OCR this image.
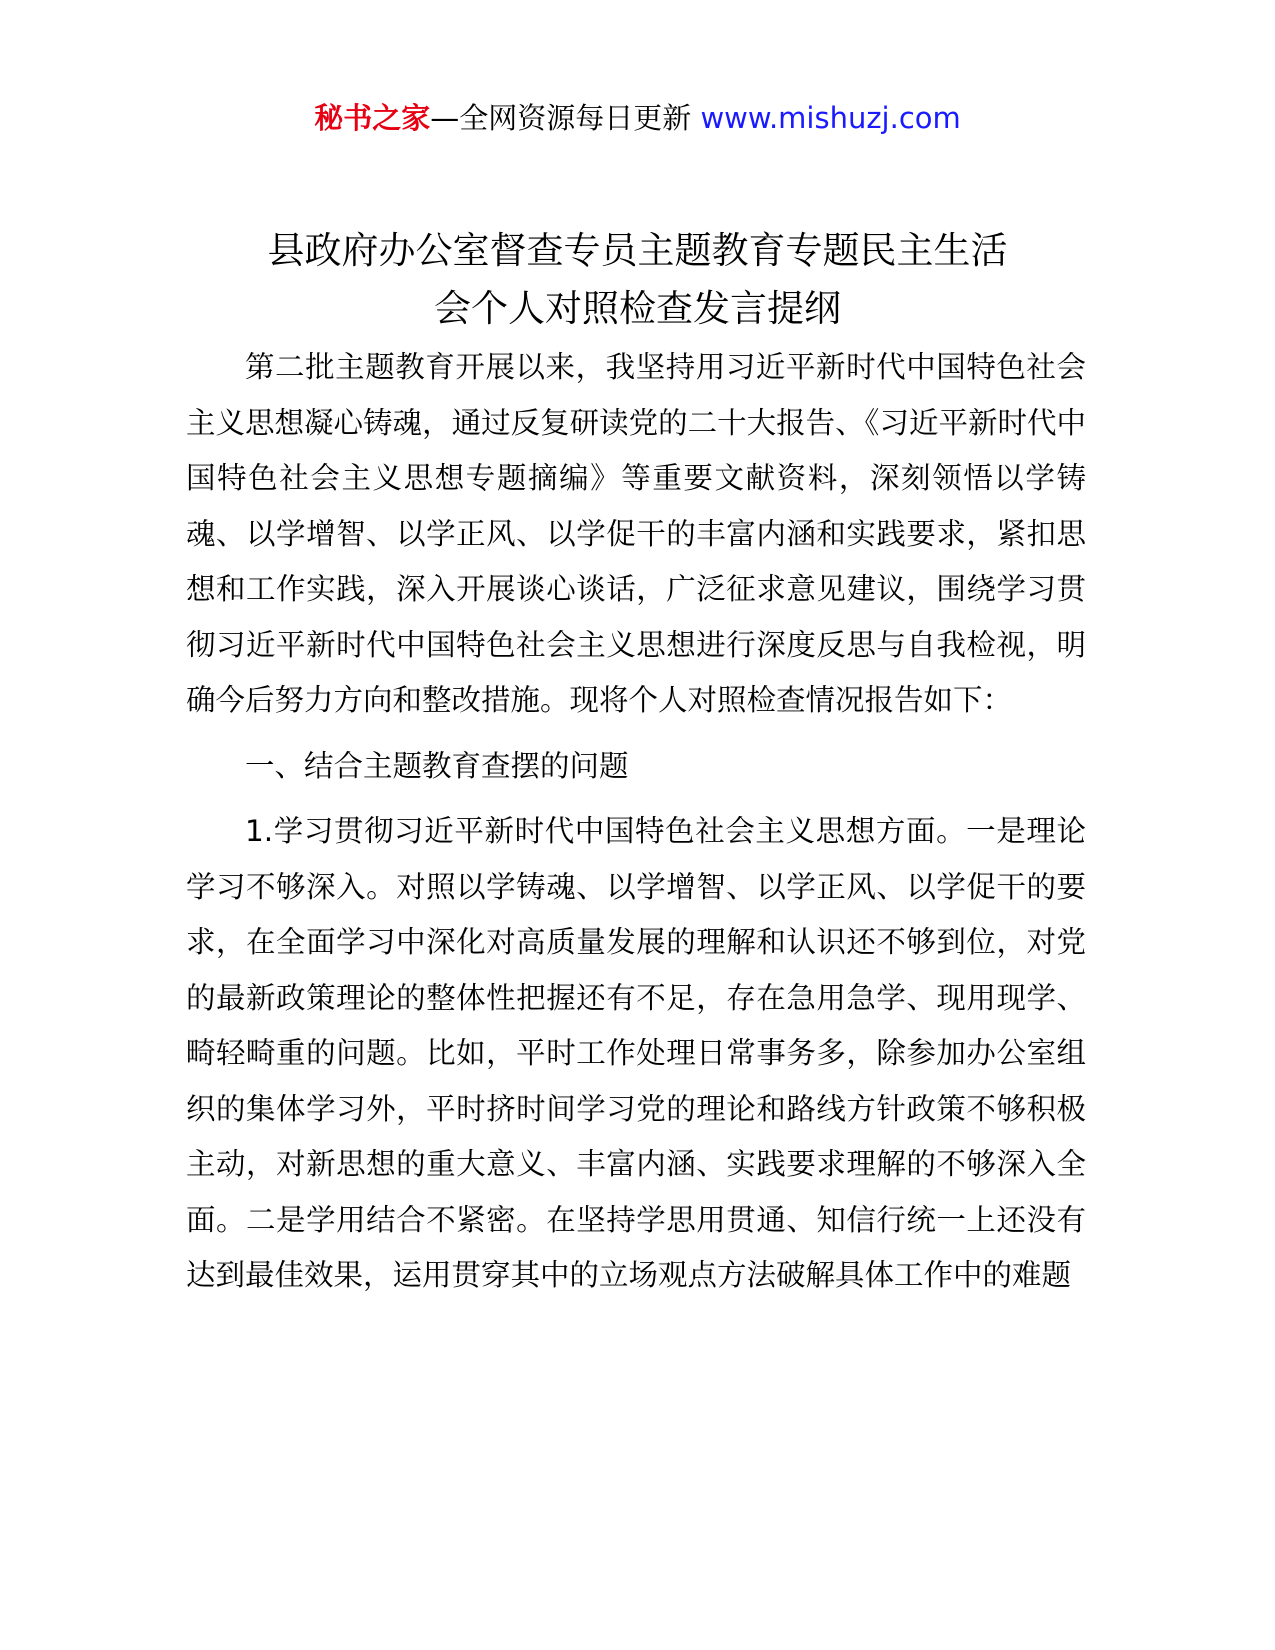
秘书之家—全网资源每日更新 www.mishuzj.com
县政府办公室督查专员主题教育专题民主生活
会个人对照检查发言提纲

第二批主题教育开展以来，我坚持用习近平新时代中国特色社会主义思想凝心铸魂，通过反复研读党的二十大报告、《习近平新时代中国特色社会主义思想专题摘编》等重要文献资料，深刻领悟以学铸魂、以学增智、以学正风、以学促干的丰富内涵和实践要求，紧扣思想和工作实践，深入开展谈心谈话，广泛征求意见建议，围绕学习贯彻习近平新时代中国特色社会主义思想进行深度反思与自我检视，明确今后努力方向和整改措施。现将个人对照检查情况报告如下：

一、结合主题教育查摆的问题

1.学习贯彻习近平新时代中国特色社会主义思想方面。一是理论学习不够深入。对照以学铸魂、以学增智、以学正风、以学促干的要求，在全面学习中深化对高质量发展的理解和认识还不够到位，对党的最新政策理论的整体性把握还有不足，存在急用急学、现用现学、畸轻畸重的问题。比如，平时工作处理日常事务多，除参加办公室组织的集体学习外，平时挤时间学习党的理论和路线方针政策不够积极主动，对新思想的重大意义、丰富内涵、实践要求理解的不够深入全面。二是学用结合不紧密。在坚持学思用贯通、知信行统一上还没有达到最佳效果，运用贯穿其中的立场观点方法破解具体工作中的难题
